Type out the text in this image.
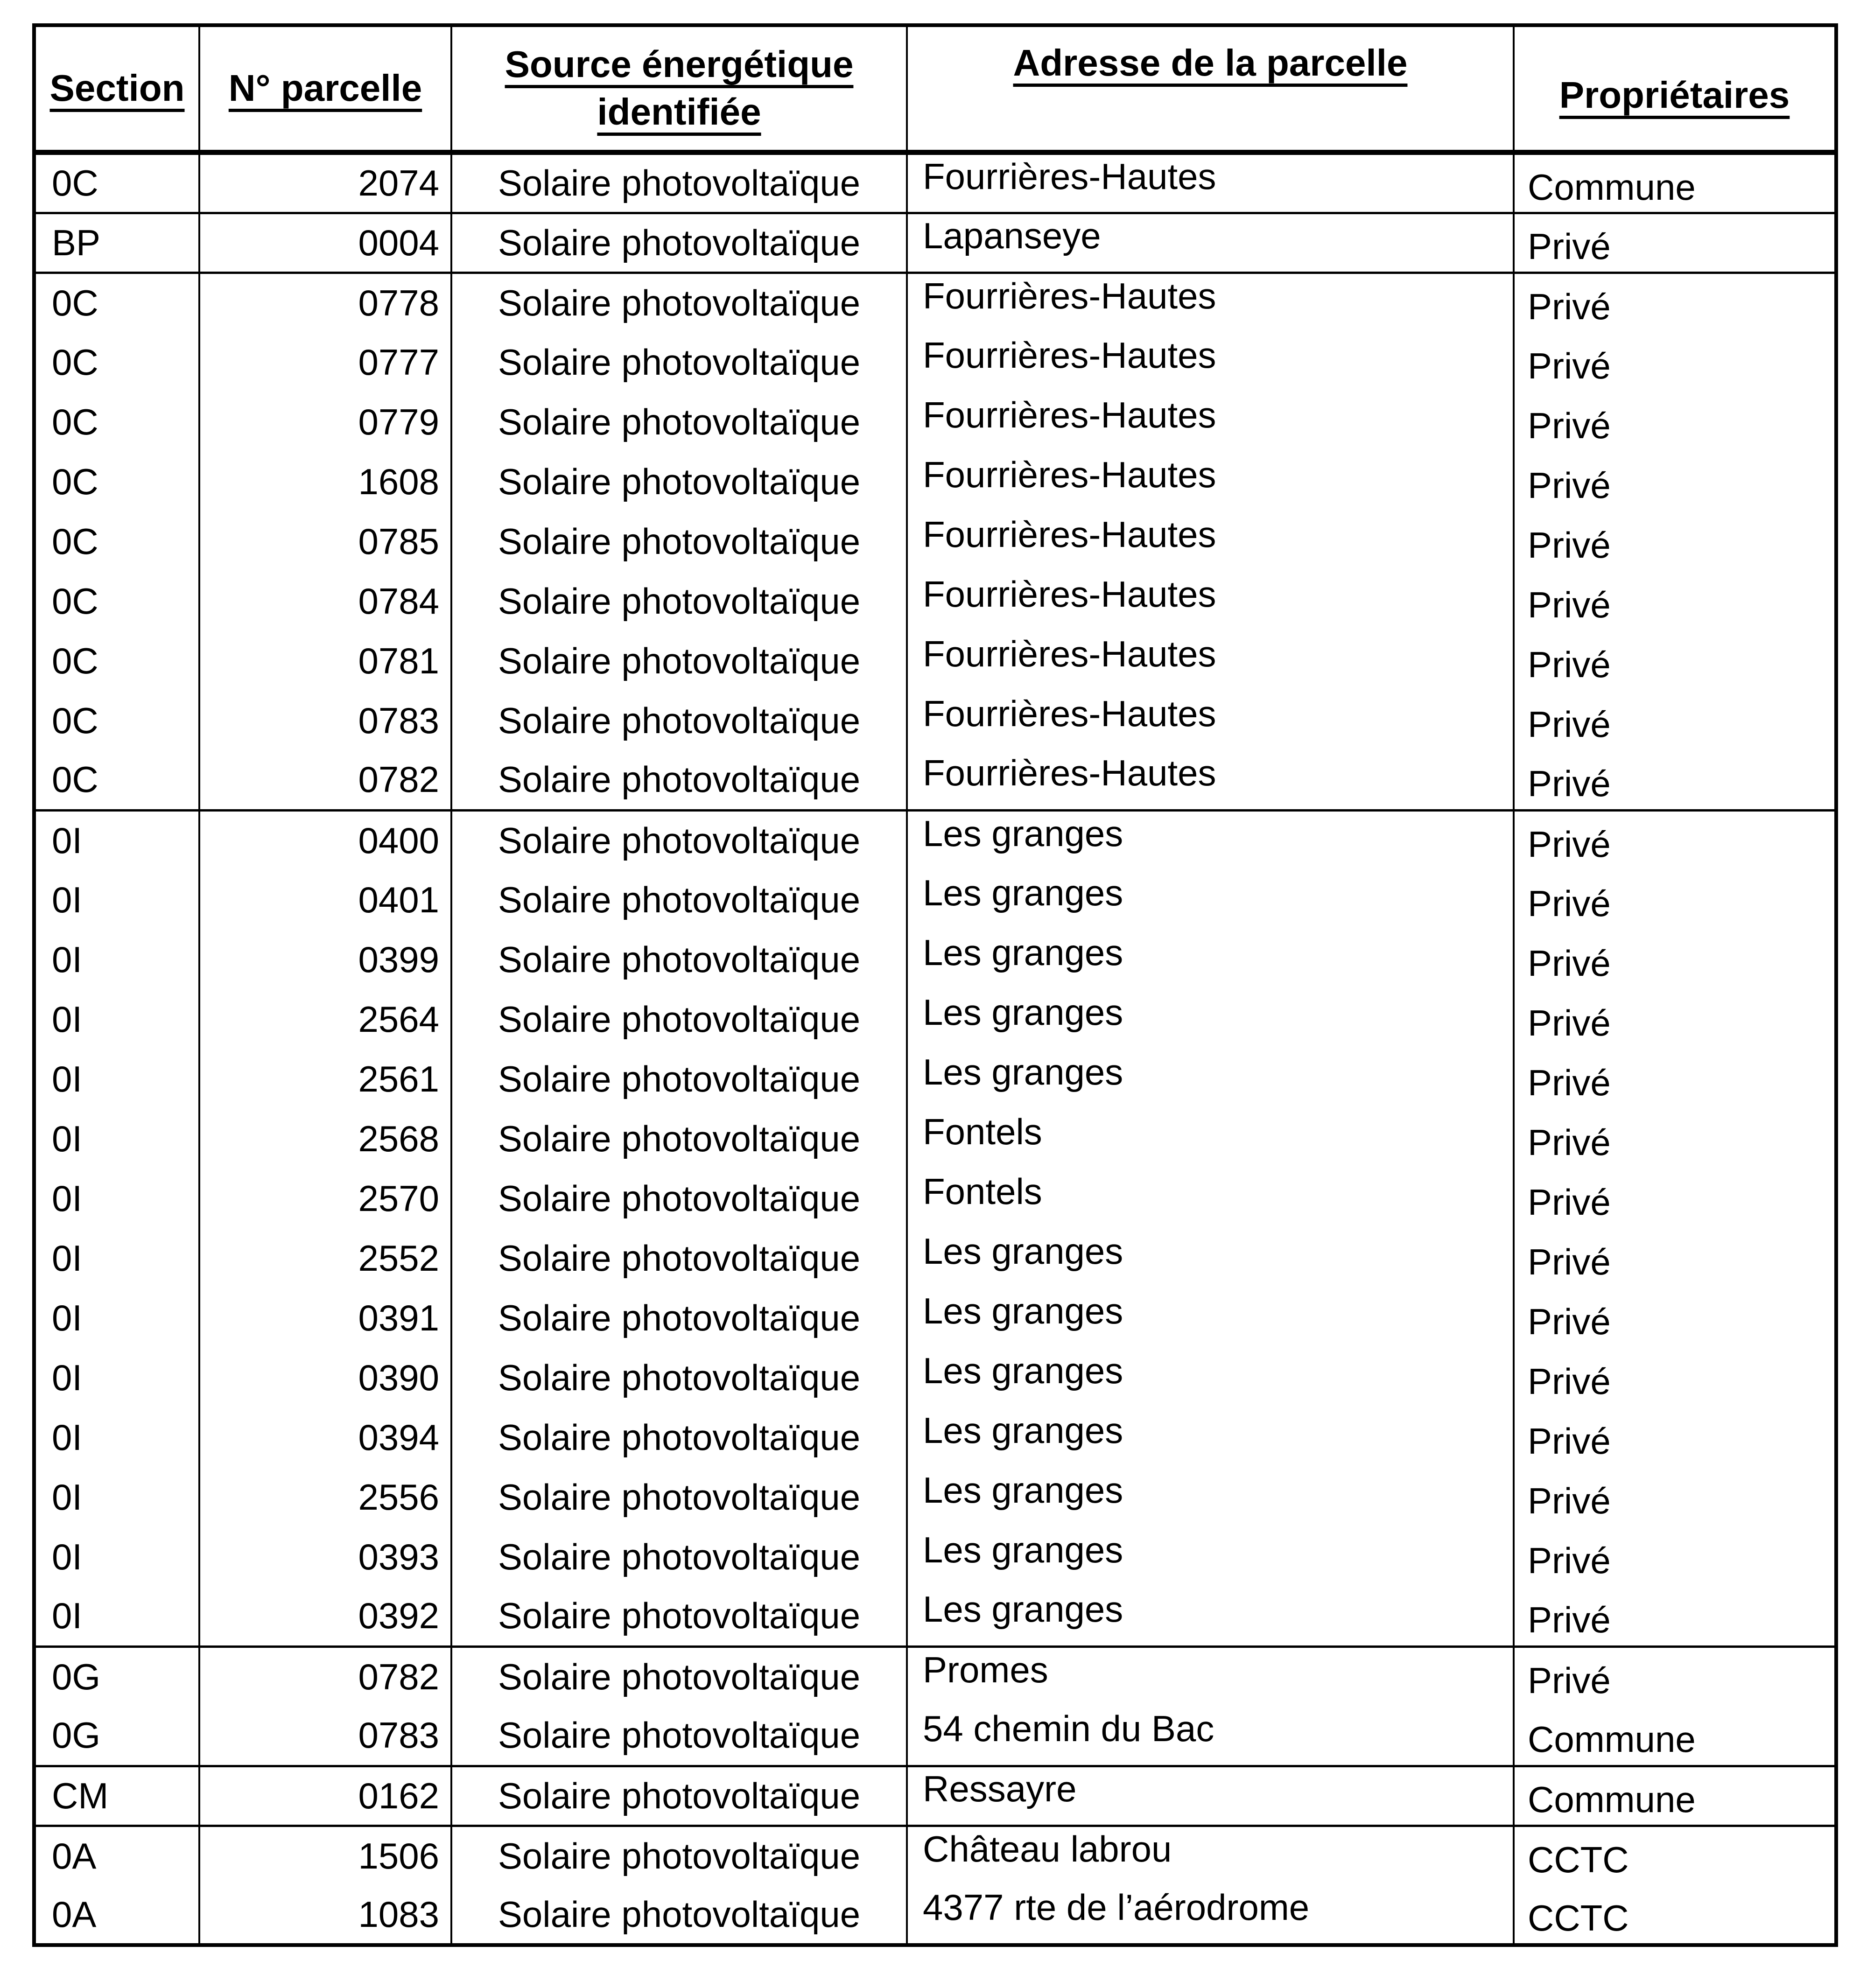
Section	N° parcelle	Source énergétique identifiée	Adresse de la parcelle	Propriétaires
0C	2074	Solaire photovoltaïque	Fourrières-Hautes	Commune
BP	0004	Solaire photovoltaïque	Lapanseye	Privé
0C	0778	Solaire photovoltaïque	Fourrières-Hautes	Privé
0C	0777	Solaire photovoltaïque	Fourrières-Hautes	Privé
0C	0779	Solaire photovoltaïque	Fourrières-Hautes	Privé
0C	1608	Solaire photovoltaïque	Fourrières-Hautes	Privé
0C	0785	Solaire photovoltaïque	Fourrières-Hautes	Privé
0C	0784	Solaire photovoltaïque	Fourrières-Hautes	Privé
0C	0781	Solaire photovoltaïque	Fourrières-Hautes	Privé
0C	0783	Solaire photovoltaïque	Fourrières-Hautes	Privé
0C	0782	Solaire photovoltaïque	Fourrières-Hautes	Privé
0I	0400	Solaire photovoltaïque	Les granges	Privé
0I	0401	Solaire photovoltaïque	Les granges	Privé
0I	0399	Solaire photovoltaïque	Les granges	Privé
0I	2564	Solaire photovoltaïque	Les granges	Privé
0I	2561	Solaire photovoltaïque	Les granges	Privé
0I	2568	Solaire photovoltaïque	Fontels	Privé
0I	2570	Solaire photovoltaïque	Fontels	Privé
0I	2552	Solaire photovoltaïque	Les granges	Privé
0I	0391	Solaire photovoltaïque	Les granges	Privé
0I	0390	Solaire photovoltaïque	Les granges	Privé
0I	0394	Solaire photovoltaïque	Les granges	Privé
0I	2556	Solaire photovoltaïque	Les granges	Privé
0I	0393	Solaire photovoltaïque	Les granges	Privé
0I	0392	Solaire photovoltaïque	Les granges	Privé
0G	0782	Solaire photovoltaïque	Promes	Privé
0G	0783	Solaire photovoltaïque	54 chemin du Bac	Commune
CM	0162	Solaire photovoltaïque	Ressayre	Commune
0A	1506	Solaire photovoltaïque	Château labrou	CCTC
0A	1083	Solaire photovoltaïque	4377 rte de l’aérodrome	CCTC
